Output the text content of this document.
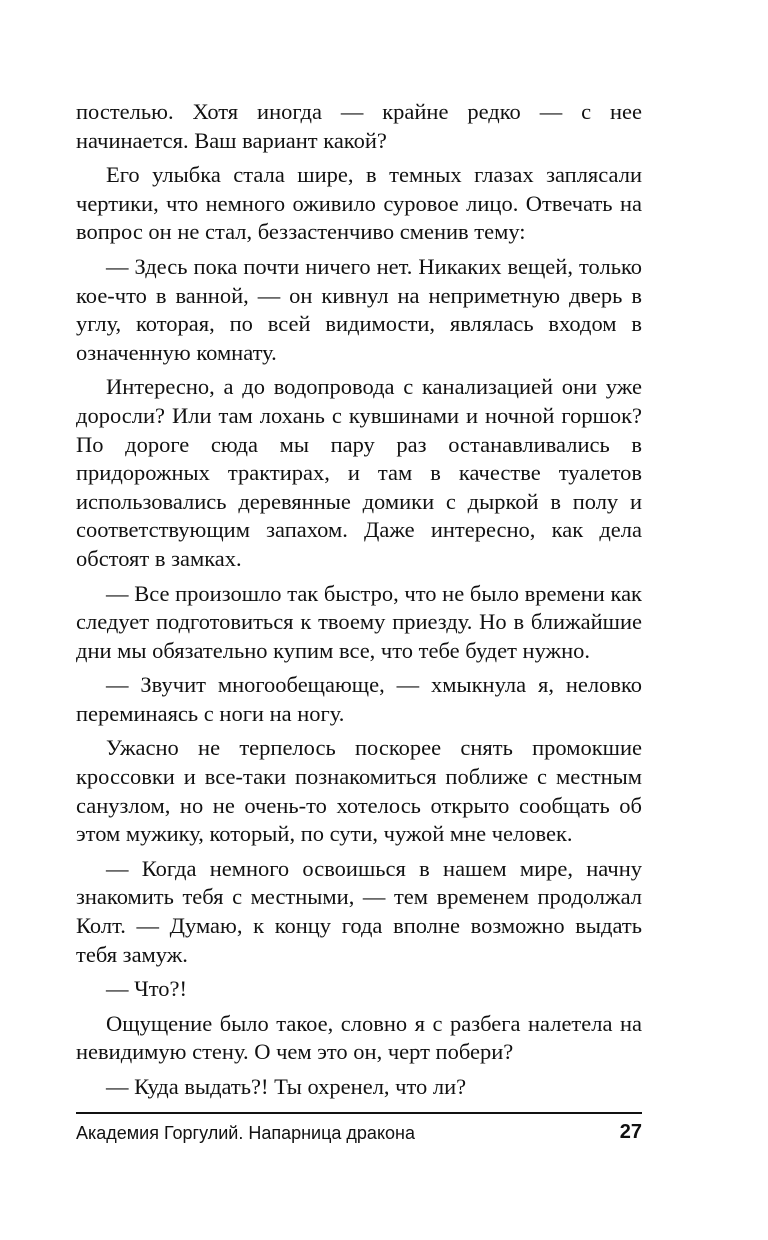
постелью. Хотя иногда — крайне редко — с нее начинается. Ваш вариант какой?

Его улыбка стала шире, в темных глазах заплясали чертики, что немного оживило суровое лицо. Отвечать на вопрос он не стал, беззастенчиво сменив тему:

— Здесь пока почти ничего нет. Никаких вещей, только кое-что в ванной, — он кивнул на неприметную дверь в углу, которая, по всей видимости, являлась входом в означенную комнату.

Интересно, а до водопровода с канализацией они уже доросли? Или там лохань с кувшинами и ночной горшок? По дороге сюда мы пару раз останавливались в придорожных трактирах, и там в качестве туалетов использовались деревянные домики с дыркой в полу и соответствующим запахом. Даже интересно, как дела обстоят в замках.

— Все произошло так быстро, что не было времени как следует подготовиться к твоему приезду. Но в ближайшие дни мы обязательно купим все, что тебе будет нужно.

— Звучит многообещающе, — хмыкнула я, неловко переминаясь с ноги на ногу.

Ужасно не терпелось поскорее снять промокшие кроссовки и все-таки познакомиться поближе с местным санузлом, но не очень-то хотелось открыто сообщать об этом мужику, который, по сути, чужой мне человек.

— Когда немного освоишься в нашем мире, начну знакомить тебя с местными, — тем временем продолжал Колт. — Думаю, к концу года вполне возможно выдать тебя замуж.

— Что?!

Ощущение было такое, словно я с разбега налетела на невидимую стену. О чем это он, черт побери?

— Куда выдать?! Ты охренел, что ли?

Академия Горгулий. Напарница дракона	27
